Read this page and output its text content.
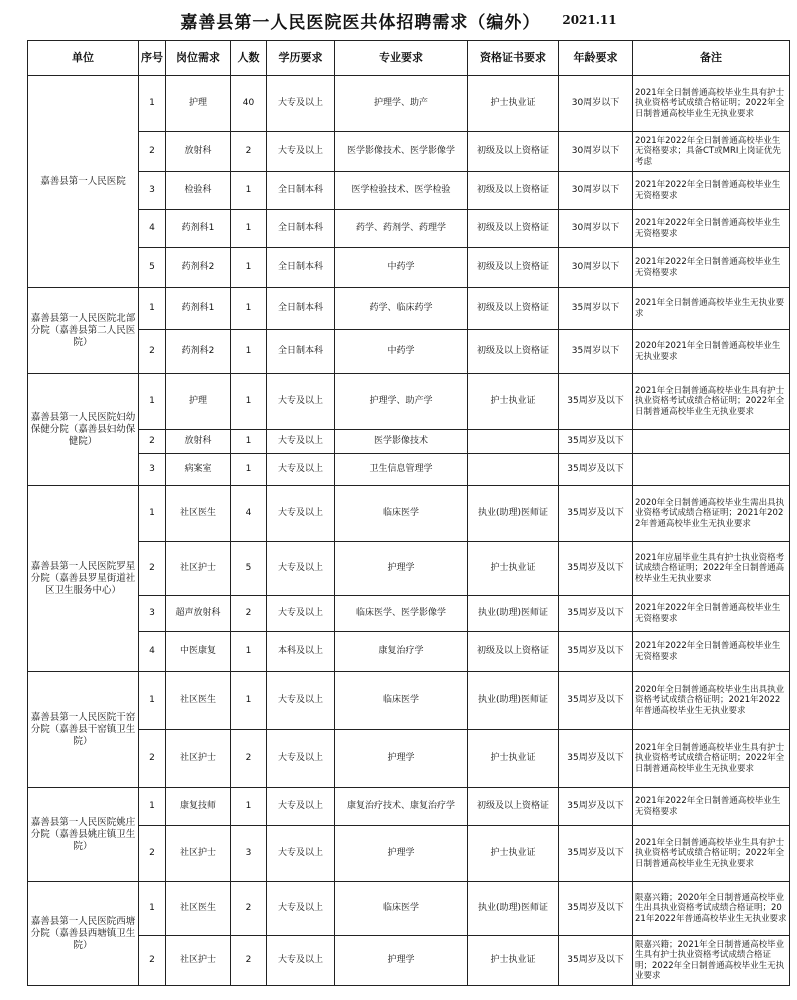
嘉善县第一人民医院医共体招聘需求（编外） 2021.11
单位	序号	岗位需求	人数	学历要求	专业要求	资格证书要求	年龄要求	备注
嘉善县第一人民医院	1	护理	40	大专及以上	护理学、助产	护士执业证	30周岁以下	2021年全日制普通高校毕业生具有护士执业资格考试成绩合格证明；2022年全日制普通高校毕业生无执业要求
	2	放射科	2	大专及以上	医学影像技术、医学影像学	初级及以上资格证	30周岁以下	2021年2022年全日制普通高校毕业生无资格要求；具备CT或MRI上岗证优先考虑
	3	检验科	1	全日制本科	医学检验技术、医学检验	初级及以上资格证	30周岁以下	2021年2022年全日制普通高校毕业生无资格要求
	4	药剂科1	1	全日制本科	药学、药剂学、药理学	初级及以上资格证	30周岁以下	2021年2022年全日制普通高校毕业生无资格要求
	5	药剂科2	1	全日制本科	中药学	初级及以上资格证	30周岁以下	2021年2022年全日制普通高校毕业生无资格要求
嘉善县第一人民医院北部分院（嘉善县第二人民医院）	1	药剂科1	1	全日制本科	药学、临床药学	初级及以上资格证	35周岁以下	2021年全日制普通高校毕业生无执业要求
	2	药剂科2	1	全日制本科	中药学	初级及以上资格证	35周岁以下	2020年2021年全日制普通高校毕业生无执业要求
嘉善县第一人民医院妇幼保健分院（嘉善县妇幼保健院）	1	护理	1	大专及以上	护理学、助产学	护士执业证	35周岁及以下	2021年全日制普通高校毕业生具有护士执业资格考试成绩合格证明；2022年全日制普通高校毕业生无执业要求
	2	放射科	1	大专及以上	医学影像技术		35周岁及以下	
	3	病案室	1	大专及以上	卫生信息管理学		35周岁及以下	
嘉善县第一人民医院罗星分院（嘉善县罗星街道社区卫生服务中心）	1	社区医生	4	大专及以上	临床医学	执业(助理)医师证	35周岁及以下	2020年全日制普通高校毕业生需出具执业资格考试成绩合格证明；2021年2022年普通高校毕业生无执业要求
	2	社区护士	5	大专及以上	护理学	护士执业证	35周岁及以下	2021年应届毕业生具有护士执业资格考试成绩合格证明；2022年全日制普通高校毕业生无执业要求
	3	超声放射科	2	大专及以上	临床医学、医学影像学	执业(助理)医师证	35周岁及以下	2021年2022年全日制普通高校毕业生无资格要求
	4	中医康复	1	本科及以上	康复治疗学	初级及以上资格证	35周岁及以下	2021年2022年全日制普通高校毕业生无资格要求
嘉善县第一人民医院干窑分院（嘉善县干窑镇卫生院）	1	社区医生	1	大专及以上	临床医学	执业(助理)医师证	35周岁及以下	2020年全日制普通高校毕业生出具执业资格考试成绩合格证明；2021年2022年普通高校毕业生无执业要求
	2	社区护士	2	大专及以上	护理学	护士执业证	35周岁及以下	2021年全日制普通高校毕业生具有护士执业资格考试成绩合格证明；2022年全日制普通高校毕业生无执业要求
嘉善县第一人民医院姚庄分院（嘉善县姚庄镇卫生院）	1	康复技师	1	大专及以上	康复治疗技术、康复治疗学	初级及以上资格证	35周岁及以下	2021年2022年全日制普通高校毕业生无资格要求
	2	社区护士	3	大专及以上	护理学	护士执业证	35周岁及以下	2021年全日制普通高校毕业生具有护士执业资格考试成绩合格证明；2022年全日制普通高校毕业生无执业要求
嘉善县第一人民医院西塘分院（嘉善县西塘镇卫生院）	1	社区医生	2	大专及以上	临床医学	执业(助理)医师证	35周岁及以下	限嘉兴籍；2020年全日制普通高校毕业生出具执业资格考试成绩合格证明；2021年2022年普通高校毕业生无执业要求
	2	社区护士	2	大专及以上	护理学	护士执业证	35周岁及以下	限嘉兴籍；2021年全日制普通高校毕业生具有护士执业资格考试成绩合格证明；2022年全日制普通高校毕业生无执业要求
